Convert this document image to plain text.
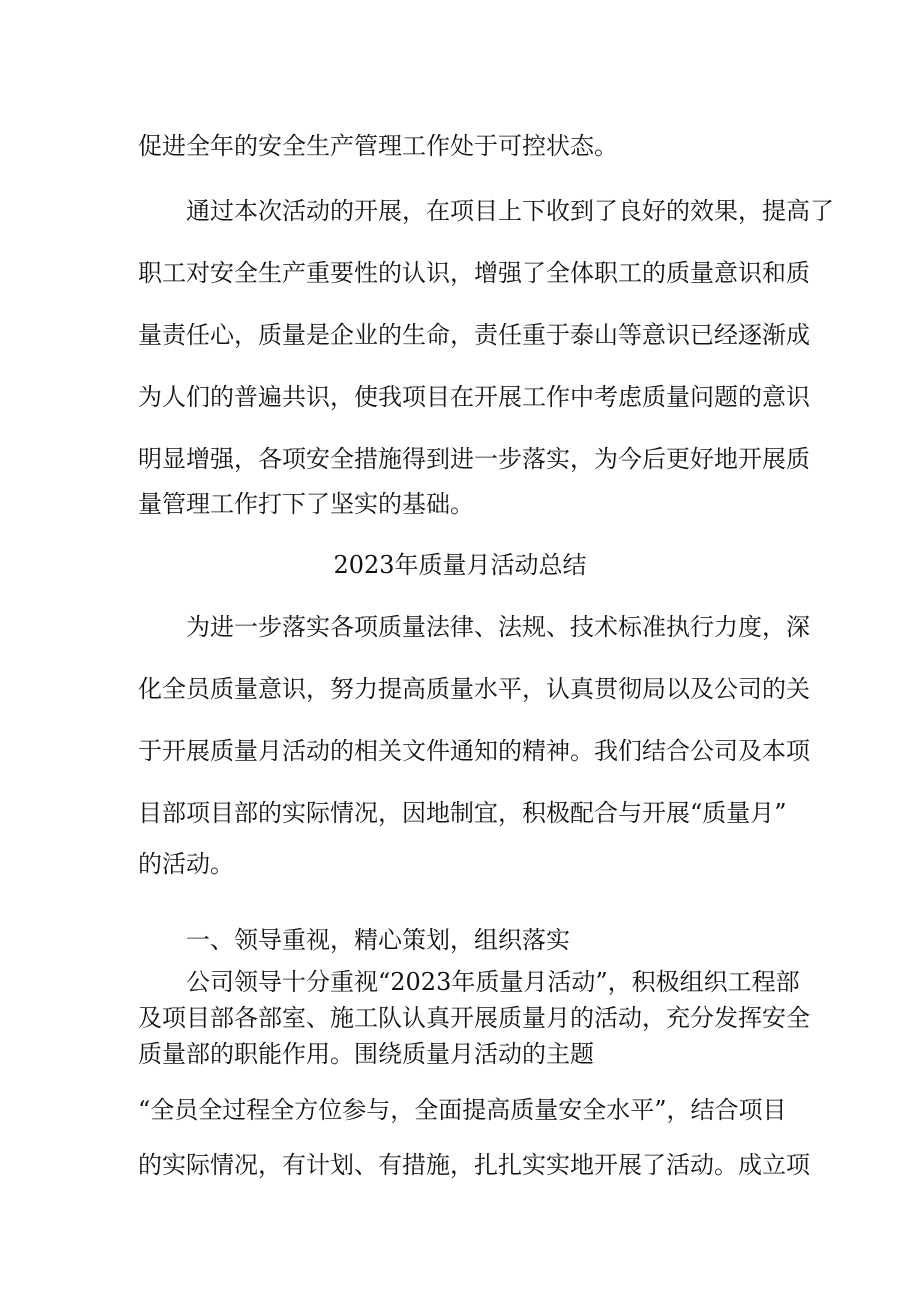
促进全年的安全生产管理工作处于可控状态。
通过本次活动的开展，在项目上下收到了良好的效果，提高了
职工对安全生产重要性的认识，增强了全体职工的质量意识和质
量责任心，质量是企业的生命，责任重于泰山等意识已经逐渐成
为人们的普遍共识，使我项目在开展工作中考虑质量问题的意识
明显增强，各项安全措施得到进一步落实，为今后更好地开展质
量管理工作打下了坚实的基础。
2023年质量月活动总结
为进一步落实各项质量法律、法规、技术标准执行力度，深
化全员质量意识，努力提高质量水平，认真贯彻局以及公司的关
于开展质量月活动的相关文件通知的精神。我们结合公司及本项
目部项目部的实际情况，因地制宜，积极配合与开展“质量月”
的活动。
一、领导重视，精心策划，组织落实
公司领导十分重视“2023年质量月活动”，积极组织工程部
及项目部各部室、施工队认真开展质量月的活动，充分发挥安全
质量部的职能作用。围绕质量月活动的主题
“全员全过程全方位参与，全面提高质量安全水平”，结合项目
的实际情况，有计划、有措施，扎扎实实地开展了活动。成立项
